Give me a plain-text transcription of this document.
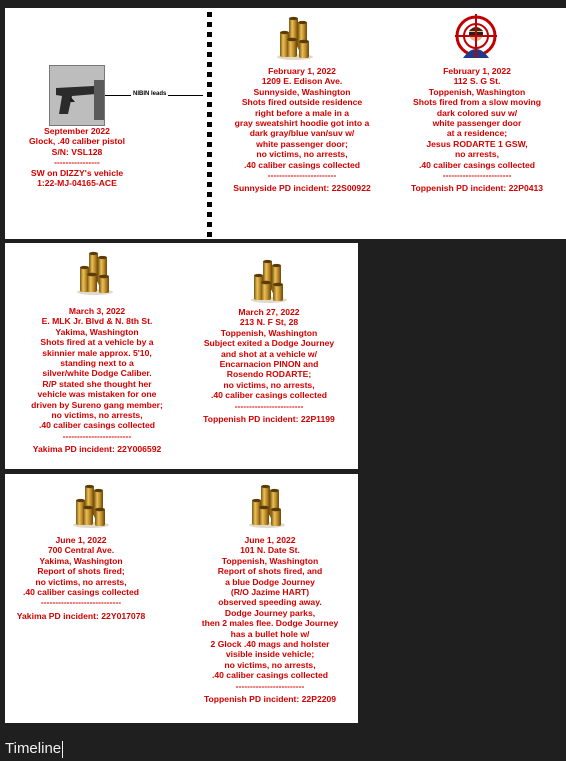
NIBIN leads
September 2022
Glock, .40 caliber pistol
S/N: VSL128
----------------
SW on DIZZY's vehicle
1:22-MJ-04165-ACE
February 1, 2022
1209 E. Edison Ave.
Sunnyside, Washington
Shots fired outside residence
right before a male in a
gray sweatshirt hoodie got into a
dark gray/blue van/suv w/
white passenger door;
no victims, no arrests,
.40 caliber casings collected
------------------------
Sunnyside PD incident: 22S00922
February 1, 2022
112 S. G St.
Toppenish, Washington
Shots fired from a slow moving
dark colored suv w/
white passenger door
at a residence;
Jesus RODARTE 1 GSW,
no arrests,
.40 caliber casings collected
------------------------
Toppenish PD incident: 22P0413
March 3, 2022
E. MLK Jr. Blvd & N. 8th St.
Yakima, Washington
Shots fired at a vehicle by a
skinnier male approx. 5'10,
standing next to a
silver/white Dodge Caliber.
R/P stated she thought her
vehicle was mistaken for one
driven by Sureno gang member;
no victims, no arrests,
.40 caliber casings collected
------------------------
Yakima PD incident: 22Y006592
March 27, 2022
213 N. F St, 28
Toppenish, Washington
Subject exited a Dodge Journey
and shot at a vehicle w/
Encarnacion PINON and
Rosendo RODARTE;
no victims, no arrests,
.40 caliber casings collected
------------------------
Toppenish PD incident: 22P1199
June 1, 2022
700 Central Ave.
Yakima, Washington
Report of shots fired;
no victims, no arrests,
.40 caliber casings collected
----------------------------
Yakima PD incident: 22Y017078
June 1, 2022
101 N. Date St.
Toppenish, Washington
Report of shots fired, and
a blue Dodge Journey
(R/O Jazime HART)
observed speeding away.
Dodge Journey parks,
then 2 males flee. Dodge Journey
has a bullet hole w/
2 Glock .40 mags and holster
visible inside vehicle;
no victims, no arrests,
.40 caliber casings collected
------------------------
Toppenish PD incident: 22P2209
Timeline
